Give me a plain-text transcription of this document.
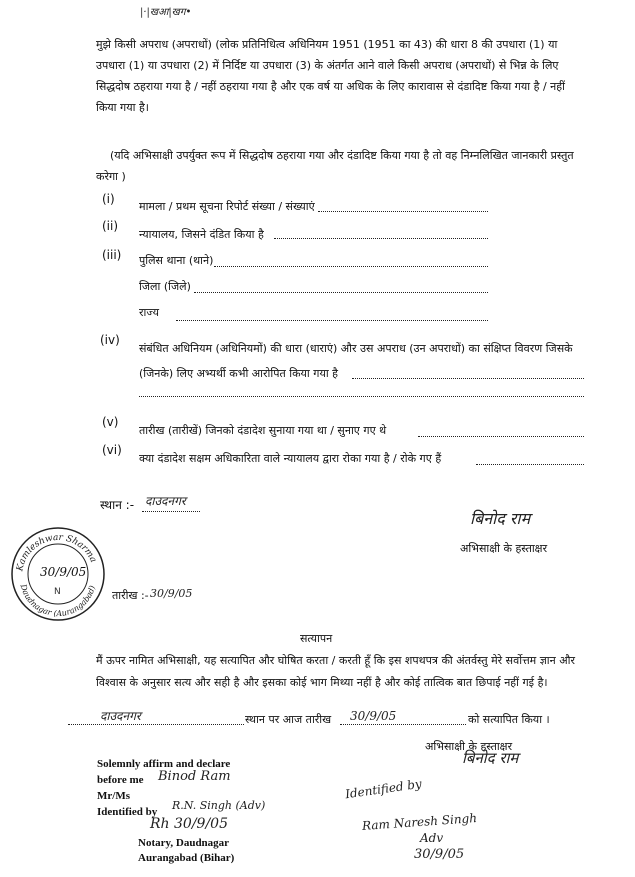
|·|खआ|खग•
मुझे किसी अपराध (अपराधों) (लोक प्रतिनिधित्व अधिनियम 1951 (1951 का 43) की धारा 8 की उपधारा (1) या उपधारा (1) या उपधारा (2) में निर्दिष्ट या उपधारा (3) के अंतर्गत आने वाले किसी अपराध (अपराधों) से भिन्न के लिए सिद्धदोष ठहराया गया है / नहीं ठहराया गया है और एक वर्ष या अधिक के लिए कारावास से दंडादिष्ट किया गया है / नहीं किया गया है।
(यदि अभिसाक्षी उपर्युक्त रूप में सिद्धदोष ठहराया गया और दंडादिष्ट किया गया है तो वह निम्नलिखित जानकारी प्रस्तुत करेगा )
(i)
मामला / प्रथम सूचना रिपोर्ट संख्या / संख्याएं
(ii)
न्यायालय, जिसने दंडित किया है
(iii) पुलिस थाना (थाने)
जिला (जिले)
राज्य
(iv)
संबंधित अधिनियम (अधिनियमों) की धारा (धाराएं) और उस अपराध (उन अपराधों) का संक्षिप्त विवरण जिसके
(जिनके) लिए अभ्यर्थी कभी आरोपित किया गया है
(v)
तारीख (तारीखें) जिनको दंडादेश सुनाया गया था / सुनाए गए थे
(vi)
क्या दंडादेश सक्षम अधिकारिता वाले न्यायालय द्वारा रोका गया है / रोके गए हैं
स्थान :- दाउदनगर
बिनोद राम
अभिसाक्षी के हस्ताक्षर
Kamleshwar Sharma
Daudnagar (Aurangabad)
30/9/05
N	तारीख :- 30/9/05
सत्यापन
मैं ऊपर नामित अभिसाक्षी, यह सत्यापित और घोषित करता / करती हूँ कि इस शपथपत्र की अंतर्वस्तु मेरे सर्वोत्तम ज्ञान और विश्वास के अनुसार सत्य और सही है और इसका कोई भाग मिथ्या नहीं है और कोई तात्विक बात छिपाई नहीं गई है।
दाउदनगर	स्थान पर आज तारीख 30/9/05	को सत्यापित किया ।
अभिसाक्षी के हस्ताक्षर
बिनोद राम
Solemnly affirm and declare
before me Binod Ram
Mr/Ms
Identified by R.N. Singh (Adv)
Rh 30/9/05
Notary, Daudnagar
Aurangabad (Bihar)
Identified by
Ram Naresh Singh
Adv
30/9/05
